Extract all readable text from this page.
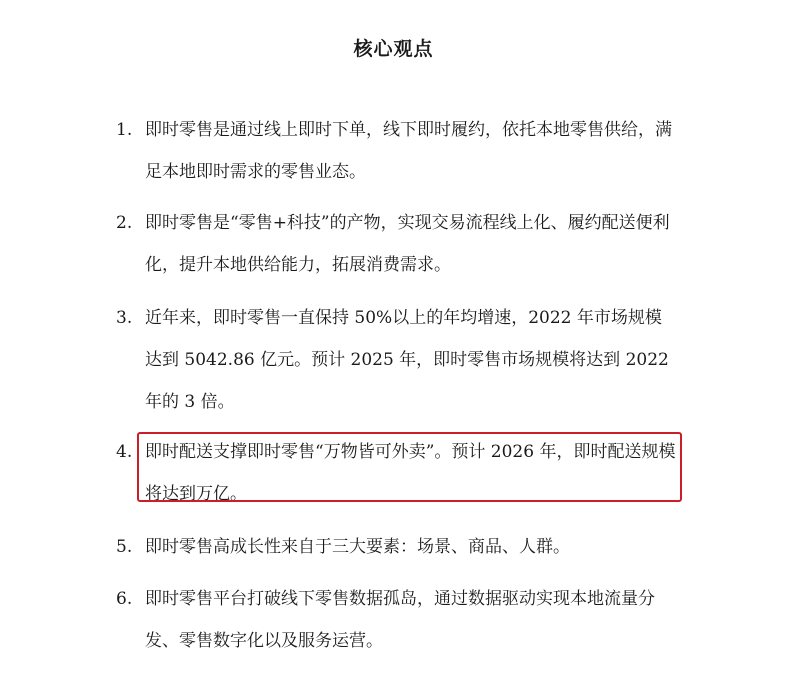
核心观点
1. 即时零售是通过线上即时下单，线下即时履约，依托本地零售供给，满足本地即时需求的零售业态。
2. 即时零售是“零售+科技”的产物，实现交易流程线上化、履约配送便利化，提升本地供给能力，拓展消费需求。
3. 近年来，即时零售一直保持 50%以上的年均增速，2022 年市场规模达到 5042.86 亿元。预计 2025 年，即时零售市场规模将达到 2022 年的 3 倍。
4. 即时配送支撑即时零售“万物皆可外卖”。预计 2026 年，即时配送规模将达到万亿。
5. 即时零售高成长性来自于三大要素：场景、商品、人群。
6. 即时零售平台打破线下零售数据孤岛，通过数据驱动实现本地流量分发、零售数字化以及服务运营。
